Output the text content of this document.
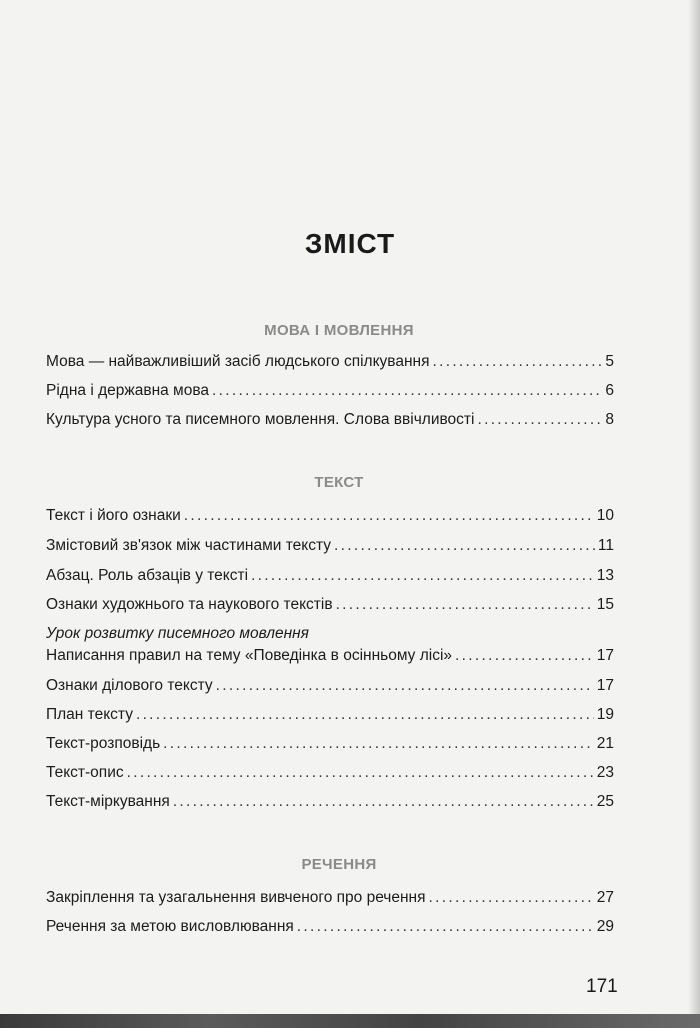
ЗМІСТ
МОВА І МОВЛЕННЯ
Мова — найважливіший засіб людського спілкування . . .	5
Рідна і державна мова . . .	6
Культура усного та писемного мовлення. Слова ввічливості . . .	8
ТЕКСТ
Текст і його ознаки . . .	10
Змістовий зв'язок між частинами тексту . . .	11
Абзац. Роль абзаців у тексті . . .	13
Ознаки художнього та наукового текстів . . .	15
Урок розвитку писемного мовлення
Написання правил на тему «Поведінка в осінньому лісі» . . .	17
Ознаки ділового тексту . . .	17
План тексту . . .	19
Текст-розповідь . . .	21
Текст-опис . . .	23
Текст-міркування . . .	25
РЕЧЕННЯ
Закріплення та узагальнення вивченого про речення . . .	27
Речення за метою висловлювання . . .	29
171
